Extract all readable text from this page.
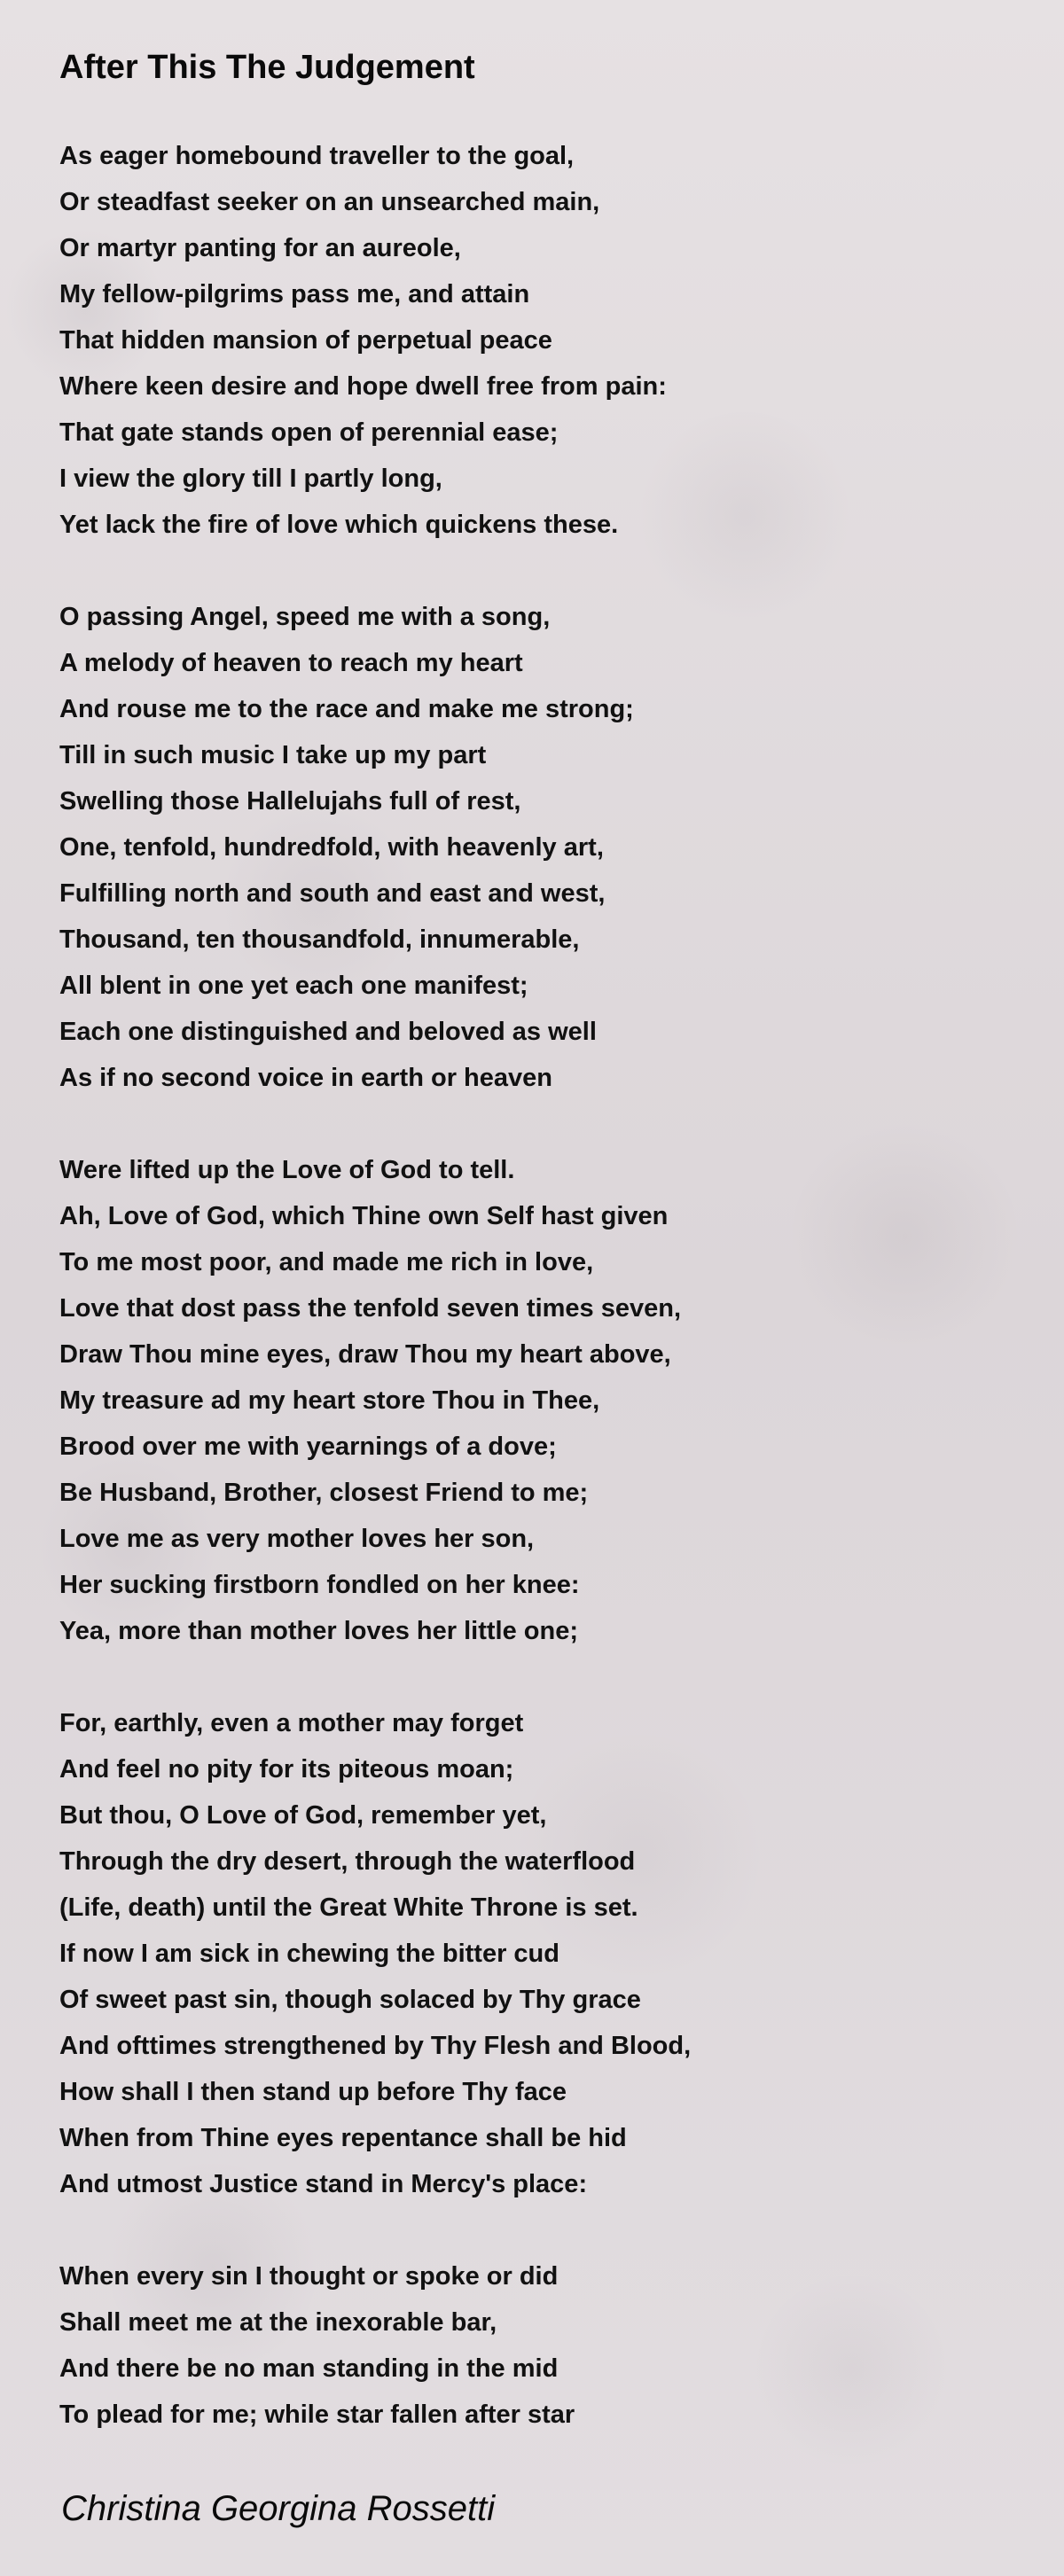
After This The Judgement
As eager homebound traveller to the goal,
Or steadfast seeker on an unsearched main,
Or martyr panting for an aureole,
My fellow-pilgrims pass me, and attain
That hidden mansion of perpetual peace
Where keen desire and hope dwell free from pain:
That gate stands open of perennial ease;
I view the glory till I partly long,
Yet lack the fire of love which quickens these.
O passing Angel, speed me with a song,
A melody of heaven to reach my heart
And rouse me to the race and make me strong;
Till in such music I take up my part
Swelling those Hallelujahs full of rest,
One, tenfold, hundredfold, with heavenly art,
Fulfilling north and south and east and west,
Thousand, ten thousandfold, innumerable,
All blent in one yet each one manifest;
Each one distinguished and beloved as well
As if no second voice in earth or heaven
Were lifted up the Love of God to tell.
Ah, Love of God, which Thine own Self hast given
To me most poor, and made me rich in love,
Love that dost pass the tenfold seven times seven,
Draw Thou mine eyes, draw Thou my heart above,
My treasure ad my heart store Thou in Thee,
Brood over me with yearnings of a dove;
Be Husband, Brother, closest Friend to me;
Love me as very mother loves her son,
Her sucking firstborn fondled on her knee:
Yea, more than mother loves her little one;
For, earthly, even a mother may forget
And feel no pity for its piteous moan;
But thou, O Love of God, remember yet,
Through the dry desert, through the waterflood
(Life, death) until the Great White Throne is set.
If now I am sick in chewing the bitter cud
Of sweet past sin, though solaced by Thy grace
And ofttimes strengthened by Thy Flesh and Blood,
How shall I then stand up before Thy face
When from Thine eyes repentance shall be hid
And utmost Justice stand in Mercy's place:
When every sin I thought or spoke or did
Shall meet me at the inexorable bar,
And there be no man standing in the mid
To plead for me; while star fallen after star
Christina Georgina Rossetti
